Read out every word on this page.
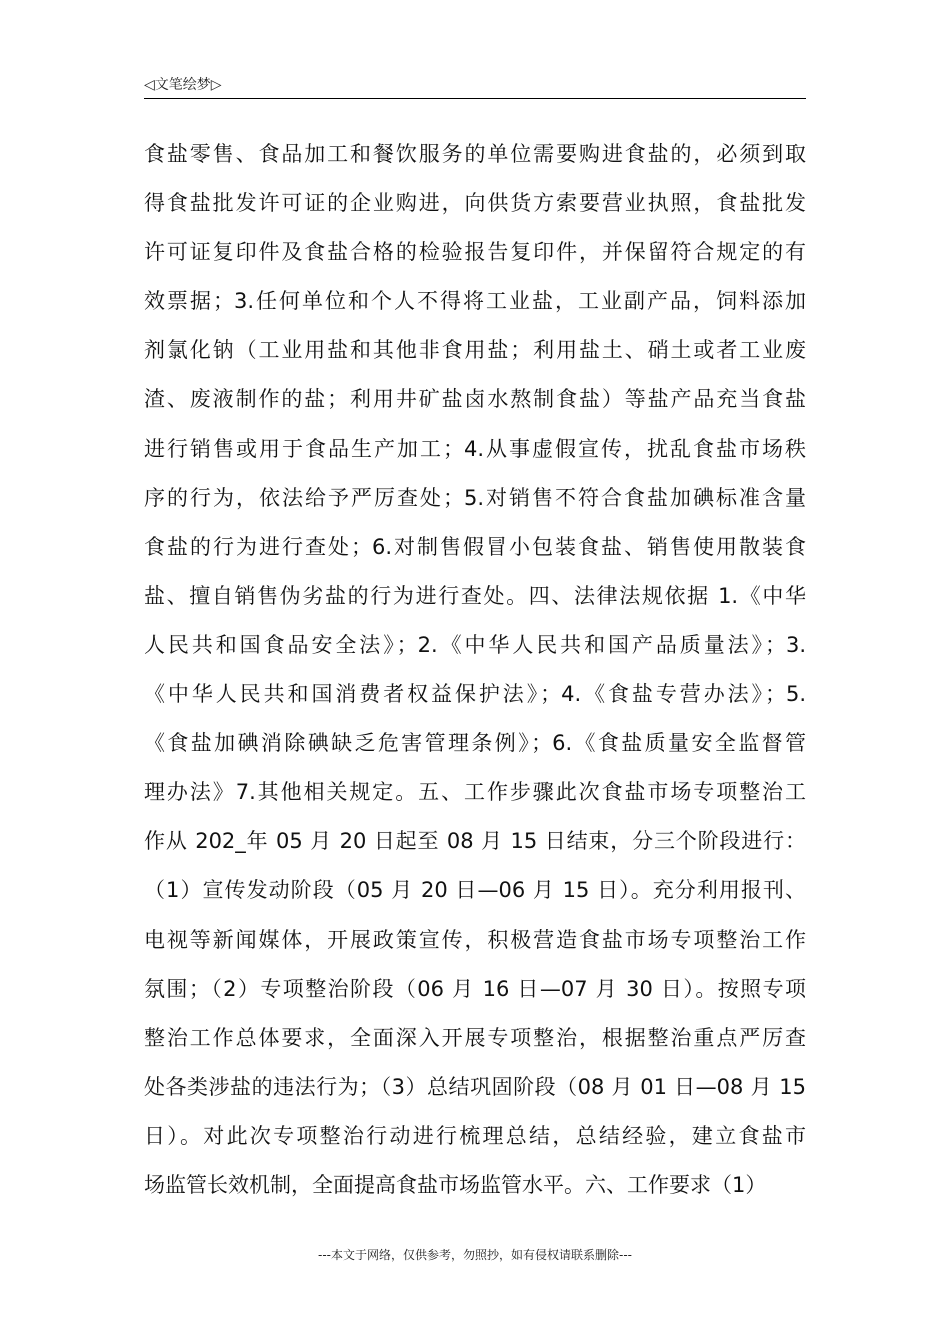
◁文笔绘梦▷
食盐零售、食品加工和餐饮服务的单位需要购进食盐的，必须到取
得食盐批发许可证的企业购进，向供货方索要营业执照，食盐批发
许可证复印件及食盐合格的检验报告复印件，并保留符合规定的有
效票据；3.任何单位和个人不得将工业盐，工业副产品，饲料添加
剂氯化钠（工业用盐和其他非食用盐；利用盐土、硝土或者工业废
渣、废液制作的盐；利用井矿盐卤水熬制食盐）等盐产品充当食盐
进行销售或用于食品生产加工；4.从事虚假宣传，扰乱食盐市场秩
序的行为，依法给予严厉查处；5.对销售不符合食盐加碘标准含量
食盐的行为进行查处；6.对制售假冒小包装食盐、销售使用散装食
盐、擅自销售伪劣盐的行为进行查处。四、法律法规依据 1.《中华
人民共和国食品安全法》；2.《中华人民共和国产品质量法》；3.
《中华人民共和国消费者权益保护法》；4.《食盐专营办法》；5.
《食盐加碘消除碘缺乏危害管理条例》；6.《食盐质量安全监督管
理办法》7.其他相关规定。五、工作步骤此次食盐市场专项整治工
作从 202_年 05 月 20 日起至 08 月 15 日结束，分三个阶段进行：
（1）宣传发动阶段（05 月 20 日—06 月 15 日）。充分利用报刊、
电视等新闻媒体，开展政策宣传，积极营造食盐市场专项整治工作
氛围；（2）专项整治阶段（06 月 16 日—07 月 30 日）。按照专项
整治工作总体要求，全面深入开展专项整治，根据整治重点严厉查
处各类涉盐的违法行为；（3）总结巩固阶段（08 月 01 日—08 月 15
日）。对此次专项整治行动进行梳理总结，总结经验，建立食盐市
场监管长效机制，全面提高食盐市场监管水平。六、工作要求（1）
---本文于网络，仅供参考，勿照抄，如有侵权请联系删除---
